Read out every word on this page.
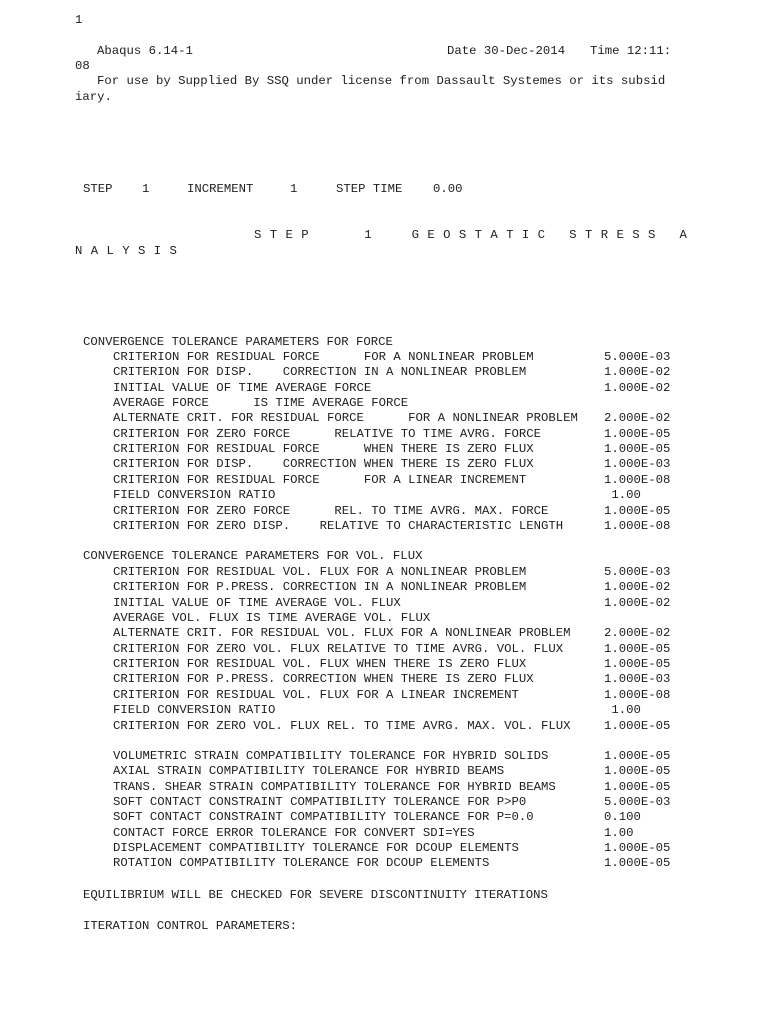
1
Abaqus 6.14-1	Date 30-Dec-2014 Time 12:11:
08
For use by Supplied By SSQ under license from Dassault Systemes or its subsid
iary.
STEP 1	INCREMENT	1	STEP TIME 0.00
S T E P       1     G E O S T A T I C   S T R E S S   A
N A L Y S I S
CONVERGENCE TOLERANCE PARAMETERS FOR FORCE
CRITERION FOR RESIDUAL FORCE      FOR A NONLINEAR PROBLEM	5.000E-03
CRITERION FOR DISP.    CORRECTION IN A NONLINEAR PROBLEM	1.000E-02
INITIAL VALUE OF TIME AVERAGE FORCE	1.000E-02
AVERAGE FORCE      IS TIME AVERAGE FORCE
ALTERNATE CRIT. FOR RESIDUAL FORCE      FOR A NONLINEAR PROBLEM 2.000E-02
CRITERION FOR ZERO FORCE      RELATIVE TO TIME AVRG. FORCE	1.000E-05
CRITERION FOR RESIDUAL FORCE      WHEN THERE IS ZERO FLUX	1.000E-05
CRITERION FOR DISP.    CORRECTION WHEN THERE IS ZERO FLUX	1.000E-03
CRITERION FOR RESIDUAL FORCE      FOR A LINEAR INCREMENT	1.000E-08
FIELD CONVERSION RATIO	1.00
CRITERION FOR ZERO FORCE      REL. TO TIME AVRG. MAX. FORCE	1.000E-05
CRITERION FOR ZERO DISP.    RELATIVE TO CHARACTERISTIC LENGTH	1.000E-08
CONVERGENCE TOLERANCE PARAMETERS FOR VOL. FLUX
CRITERION FOR RESIDUAL VOL. FLUX FOR A NONLINEAR PROBLEM	5.000E-03
CRITERION FOR P.PRESS. CORRECTION IN A NONLINEAR PROBLEM	1.000E-02
INITIAL VALUE OF TIME AVERAGE VOL. FLUX	1.000E-02
AVERAGE VOL. FLUX IS TIME AVERAGE VOL. FLUX
ALTERNATE CRIT. FOR RESIDUAL VOL. FLUX FOR A NONLINEAR PROBLEM	2.000E-02
CRITERION FOR ZERO VOL. FLUX RELATIVE TO TIME AVRG. VOL. FLUX	1.000E-05
CRITERION FOR RESIDUAL VOL. FLUX WHEN THERE IS ZERO FLUX	1.000E-05
CRITERION FOR P.PRESS. CORRECTION WHEN THERE IS ZERO FLUX	1.000E-03
CRITERION FOR RESIDUAL VOL. FLUX FOR A LINEAR INCREMENT	1.000E-08
FIELD CONVERSION RATIO	1.00
CRITERION FOR ZERO VOL. FLUX REL. TO TIME AVRG. MAX. VOL. FLUX	1.000E-05
VOLUMETRIC STRAIN COMPATIBILITY TOLERANCE FOR HYBRID SOLIDS	1.000E-05
AXIAL STRAIN COMPATIBILITY TOLERANCE FOR HYBRID BEAMS	1.000E-05
TRANS. SHEAR STRAIN COMPATIBILITY TOLERANCE FOR HYBRID BEAMS	1.000E-05
SOFT CONTACT CONSTRAINT COMPATIBILITY TOLERANCE FOR P>P0	5.000E-03
SOFT CONTACT CONSTRAINT COMPATIBILITY TOLERANCE FOR P=0.0	0.100
CONTACT FORCE ERROR TOLERANCE FOR CONVERT SDI=YES	1.00
DISPLACEMENT COMPATIBILITY TOLERANCE FOR DCOUP ELEMENTS	1.000E-05
ROTATION COMPATIBILITY TOLERANCE FOR DCOUP ELEMENTS	1.000E-05
EQUILIBRIUM WILL BE CHECKED FOR SEVERE DISCONTINUITY ITERATIONS
ITERATION CONTROL PARAMETERS:
